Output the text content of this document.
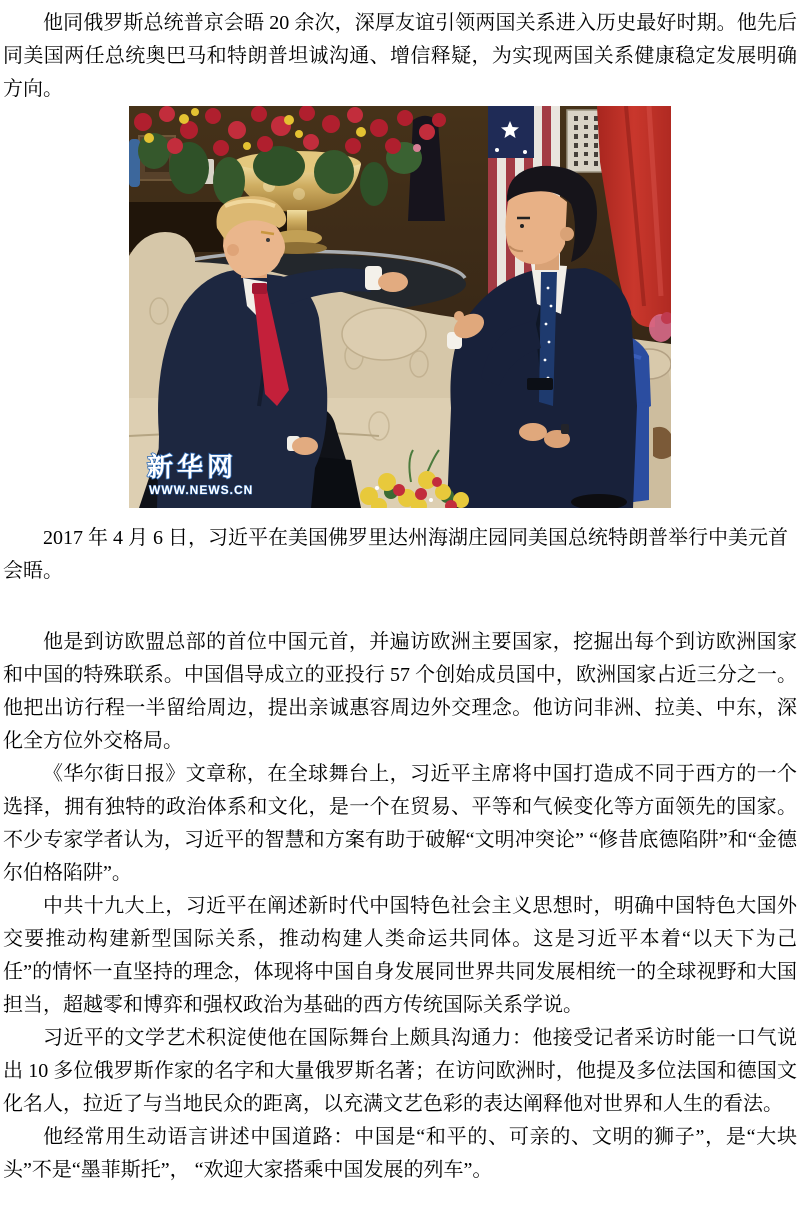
他同俄罗斯总统普京会晤 20 余次，深厚友谊引领两国关系进入历史最好时期。他先后同美国两任总统奥巴马和特朗普坦诚沟通、增信释疑，为实现两国关系健康稳定发展明确方向。

新华网
WWW.NEWS.CN

2017 年 4 月 6 日，习近平在美国佛罗里达州海湖庄园同美国总统特朗普举行中美元首会晤。

他是到访欧盟总部的首位中国元首，并遍访欧洲主要国家，挖掘出每个到访欧洲国家和中国的特殊联系。中国倡导成立的亚投行 57 个创始成员国中，欧洲国家占近三分之一。他把出访行程一半留给周边，提出亲诚惠容周边外交理念。他访问非洲、拉美、中东，深化全方位外交格局。

《华尔街日报》文章称，在全球舞台上，习近平主席将中国打造成不同于西方的一个选择，拥有独特的政治体系和文化，是一个在贸易、平等和气候变化等方面领先的国家。不少专家学者认为，习近平的智慧和方案有助于破解“文明冲突论” “修昔底德陷阱”和“金德尔伯格陷阱”。

中共十九大上，习近平在阐述新时代中国特色社会主义思想时，明确中国特色大国外交要推动构建新型国际关系，推动构建人类命运共同体。这是习近平本着“以天下为己任”的情怀一直坚持的理念，体现将中国自身发展同世界共同发展相统一的全球视野和大国担当，超越零和博弈和强权政治为基础的西方传统国际关系学说。

习近平的文学艺术积淀使他在国际舞台上颇具沟通力：他接受记者采访时能一口气说出 10 多位俄罗斯作家的名字和大量俄罗斯名著；在访问欧洲时，他提及多位法国和德国文化名人，拉近了与当地民众的距离，以充满文艺色彩的表达阐释他对世界和人生的看法。

他经常用生动语言讲述中国道路：中国是“和平的、可亲的、文明的狮子”，是“大块头”不是“墨菲斯托”， “欢迎大家搭乘中国发展的列车”。
